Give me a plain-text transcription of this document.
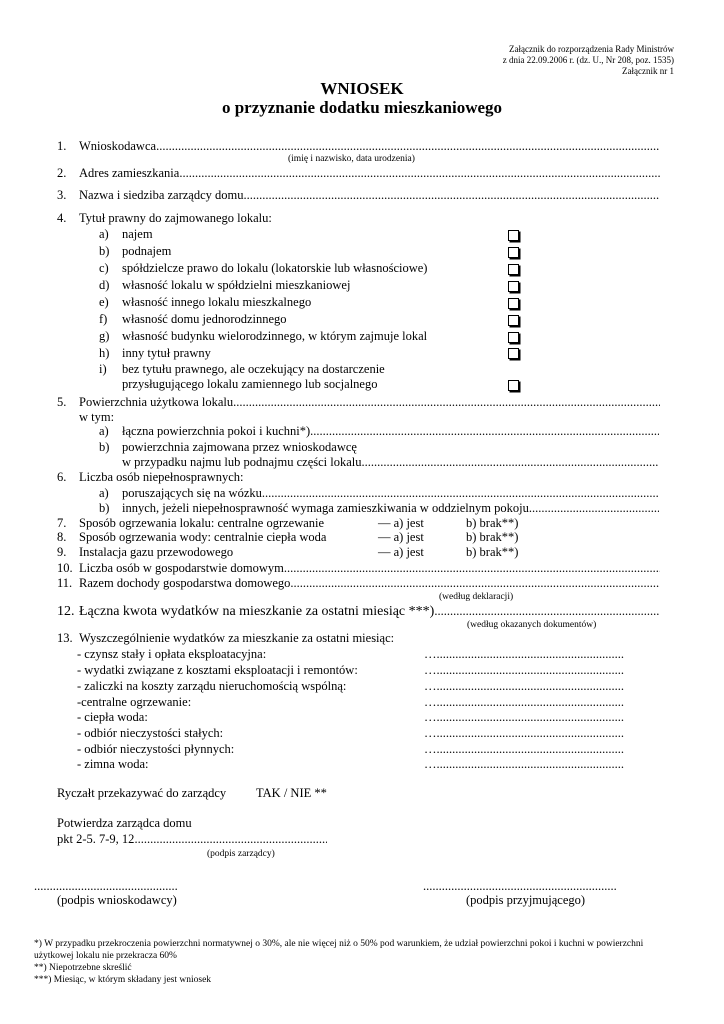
Załącznik do rozporządzenia Rady Ministrów
z dnia 22.09.2006 r. (dz. U., Nr 208, poz. 1535)
Załącznik nr 1
WNIOSEK
o przyznanie dodatku mieszkaniowego
1.	Wnioskodawca
.....
(imię i nazwisko, data urodzenia)
2.	Adres zamieszkania
.....
3.	Nazwa i siedziba zarządcy domu
.....
4.	Tytuł prawny do zajmowanego lokalu:
a)	najem
b)	podnajem
c)	spółdzielcze prawo do lokalu (lokatorskie lub własnościowe)
d)	własność lokalu w spółdzielni mieszkaniowej
e)	własność innego lokalu mieszkalnego
f)	własność domu jednorodzinnego
g)	własność budynku wielorodzinnego, w którym zajmuje lokal
h)	inny tytuł prawny
i)	bez tytułu prawnego, ale oczekujący na dostarczenie
przysługującego lokalu zamiennego lub socjalnego
5.	Powierzchnia użytkowa lokalu
.....
w tym:
a)	łączna powierzchnia pokoi i kuchni*)
.....
b)	powierzchnia zajmowana przez wnioskodawcę
w przypadku najmu lub podnajmu części lokalu
.....
6.	Liczba osób niepełnosprawnych:
a)	poruszających się na wózku
.....
b)	innych, jeżeli niepełnosprawność wymaga zamieszkiwania w oddzielnym pokoju
.....
7. Sposób ogrzewania lokalu: centralne ogrzewanie	— a) jest	b) brak**)
8. Sposób ogrzewania wody: centralnie ciepła woda	— a) jest	b) brak**)
9. Instalacja gazu przewodowego	— a) jest	b) brak**)
10. Liczba osób w gospodarstwie domowym
.....
11. Razem dochody gospodarstwa domowego
.....
(według deklaracji)
12. Łączna kwota wydatków na mieszkanie za ostatni miesiąc ***)
.....
(według okazanych dokumentów)
13. Wyszczególnienie wydatków za mieszkanie za ostatni miesiąc:
- czynsz stały i opłata eksploatacyjna:	…............................................................
- wydatki związane z kosztami eksploatacji i remontów:	…............................................................
- zaliczki na koszty zarządu nieruchomością wspólną:	…............................................................
-centralne ogrzewanie:	…............................................................
- ciepła woda:	…............................................................
- odbiór nieczystości stałych:	…............................................................
- odbiór nieczystości płynnych:	…............................................................
- zimna woda:	…............................................................
Ryczałt przekazywać do zarządcy TAK / NIE **
Potwierdza zarządca domu
pkt 2-5. 7-9, 12
.....
(podpis zarządcy)
..............................................
(podpis wnioskodawcy)
..............................................................
(podpis przyjmującego)
*) W przypadku przekroczenia powierzchni normatywnej o 30%, ale nie więcej niż o 50% pod warunkiem, że udział powierzchni pokoi i kuchni w powierzchni
użytkowej lokalu nie przekracza 60%
**) Niepotrzebne skreślić
***) Miesiąc, w którym składany jest wniosek
